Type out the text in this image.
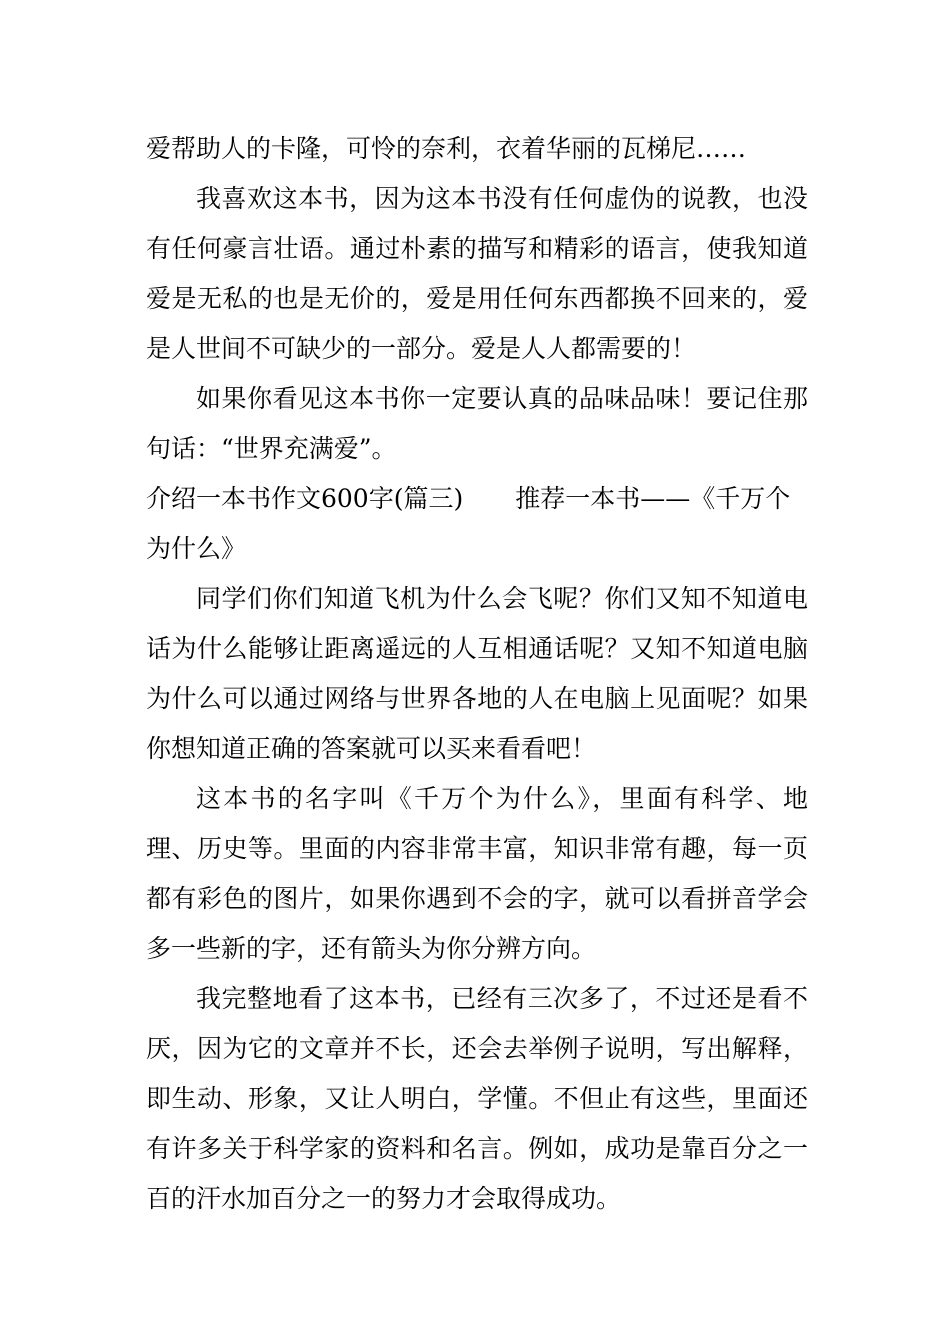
爱帮助人的卡隆，可怜的奈利，衣着华丽的瓦梯尼……

我喜欢这本书，因为这本书没有任何虚伪的说教，也没有任何豪言壮语。通过朴素的描写和精彩的语言，使我知道爱是无私的也是无价的，爱是用任何东西都换不回来的，爱是人世间不可缺少的一部分。爱是人人都需要的！

如果你看见这本书你一定要认真的品味品味！要记住那句话：“世界充满爱”。

介绍一本书作文600字(篇三) 推荐一本书——《千万个为什么》

同学们你们知道飞机为什么会飞呢？你们又知不知道电话为什么能够让距离遥远的人互相通话呢？又知不知道电脑为什么可以通过网络与世界各地的人在电脑上见面呢？如果你想知道正确的答案就可以买来看看吧！

这本书的名字叫《千万个为什么》，里面有科学、地理、历史等。里面的内容非常丰富，知识非常有趣，每一页都有彩色的图片，如果你遇到不会的字，就可以看拼音学会多一些新的字，还有箭头为你分辨方向。

我完整地看了这本书，已经有三次多了，不过还是看不厌，因为它的文章并不长，还会去举例子说明，写出解释，即生动、形象，又让人明白，学懂。不但止有这些，里面还有许多关于科学家的资料和名言。例如，成功是靠百分之一百的汗水加百分之一的努力才会取得成功。
